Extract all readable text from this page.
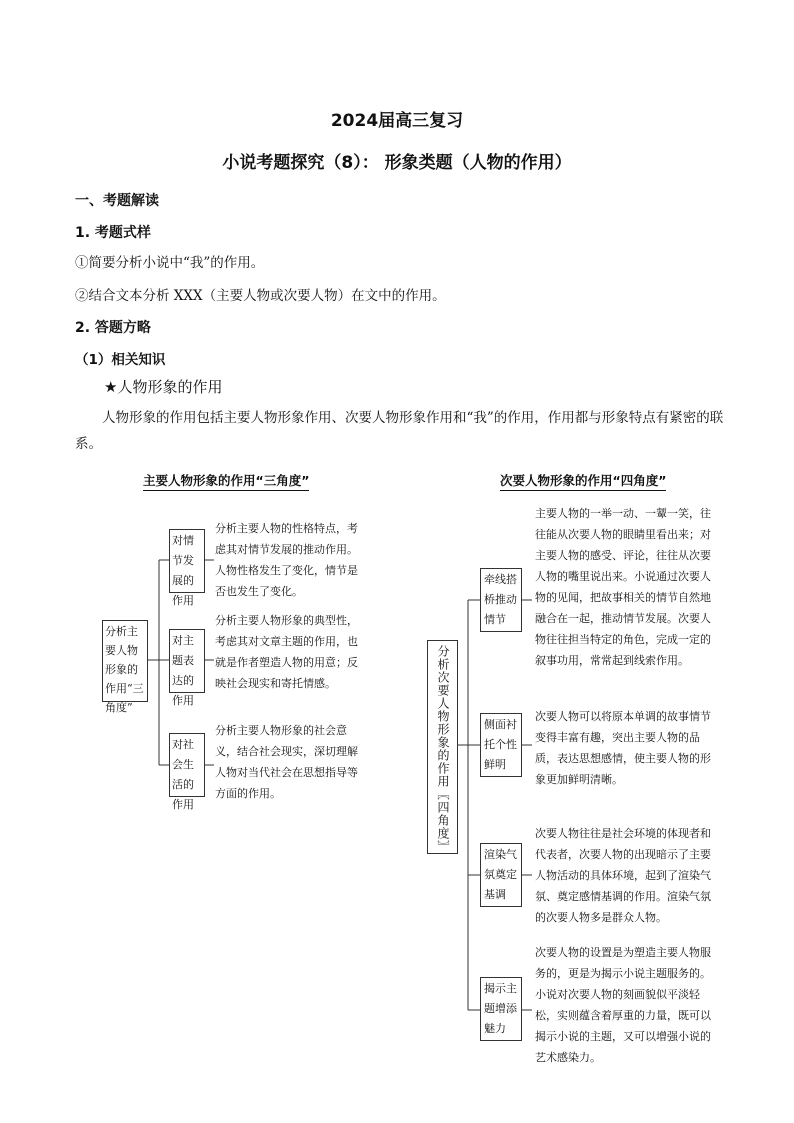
2024届高三复习
小说考题探究（8）： 形象类题（人物的作用）
一、考题解读
1. 考题式样
①简要分析小说中“我”的作用。
②结合文本分析 XXX（主要人物或次要人物）在文中的作用。
2. 答题方略
（1）相关知识
★人物形象的作用
人物形象的作用包括主要人物形象作用、次要人物形象作用和“我”的作用，作用都与形象特点有紧密的联系。
主要人物形象的作用“三角度”
分析主要人物形象的作用“三角度”
对情节发展的作用
分析主要人物的性格特点，考虑其对情节发展的推动作用。人物性格发生了变化，情节是否也发生了变化。
对主题表达的作用
分析主要人物形象的典型性，考虑其对文章主题的作用，也就是作者塑造人物的用意；反映社会现实和寄托情感。
对社会生活的作用
分析主要人物形象的社会意义，结合社会现实，深切理解人物对当代社会在思想指导等方面的作用。
次要人物形象的作用“四角度”
分析次要人物形象的作用〖四角度〗
牵线搭桥推动情节
主要人物的一举一动、一颦一笑，往往能从次要人物的眼睛里看出来；对主要人物的感受、评论，往往从次要人物的嘴里说出来。小说通过次要人物的见闻，把故事相关的情节自然地融合在一起，推动情节发展。次要人物往往担当特定的角色，完成一定的叙事功用，常常起到线索作用。
侧面衬托个性鲜明
次要人物可以将原本单调的故事情节变得丰富有趣，突出主要人物的品质，表达思想感情，使主要人物的形象更加鲜明清晰。
渲染气氛奠定基调
次要人物往往是社会环境的体现者和代表者，次要人物的出现暗示了主要人物活动的具体环境，起到了渲染气氛、奠定感情基调的作用。渲染气氛的次要人物多是群众人物。
揭示主题增添魅力
次要人物的设置是为塑造主要人物服务的，更是为揭示小说主题服务的。小说对次要人物的刻画貌似平淡轻松，实则蕴含着厚重的力量，既可以揭示小说的主题，又可以增强小说的艺术感染力。
